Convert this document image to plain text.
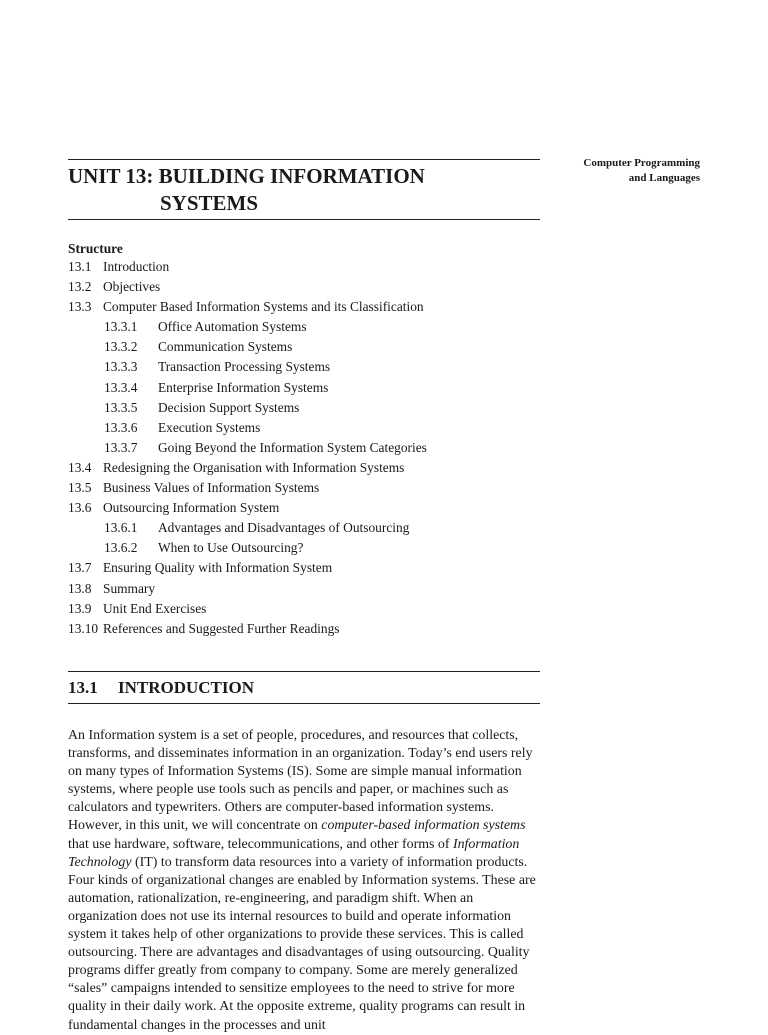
Computer Programming
and Languages
UNIT 13: BUILDING INFORMATION
SYSTEMS
Structure
13.1 Introduction
13.2 Objectives
13.3 Computer Based Information Systems and its Classification
13.3.1 Office Automation Systems
13.3.2 Communication Systems
13.3.3 Transaction Processing Systems
13.3.4 Enterprise Information Systems
13.3.5 Decision Support Systems
13.3.6 Execution Systems
13.3.7 Going Beyond the Information System Categories
13.4 Redesigning the Organisation with Information Systems
13.5 Business Values of Information Systems
13.6 Outsourcing Information System
13.6.1 Advantages and Disadvantages of Outsourcing
13.6.2 When to Use Outsourcing?
13.7 Ensuring Quality with Information System
13.8 Summary
13.9 Unit End Exercises
13.10 References and Suggested Further Readings
13.1 INTRODUCTION

An Information system is a set of people, procedures, and resources that collects, transforms, and disseminates information in an organization. Today’s end users rely on many types of Information Systems (IS). Some are simple manual information systems, where people use tools such as pencils and paper, or machines such as calculators and typewriters. Others are computer-based information systems. However, in this unit, we will concentrate on computer-based information systems that use hardware, software, telecommunications, and other forms of Information Technology (IT) to transform data resources into a variety of information products. Four kinds of organizational changes are enabled by Information systems. These are automation, rationalization, re-engineering, and paradigm shift. When an organization does not use its internal resources to build and operate information system it takes help of other organizations to provide these services. This is called outsourcing. There are advantages and disadvantages of using outsourcing. Quality programs differ greatly from company to company. Some are merely generalized “sales” campaigns intended to sensitize employees to the need to strive for more quality in their daily work. At the opposite extreme, quality programs can result in fundamental changes in the processes and unit
